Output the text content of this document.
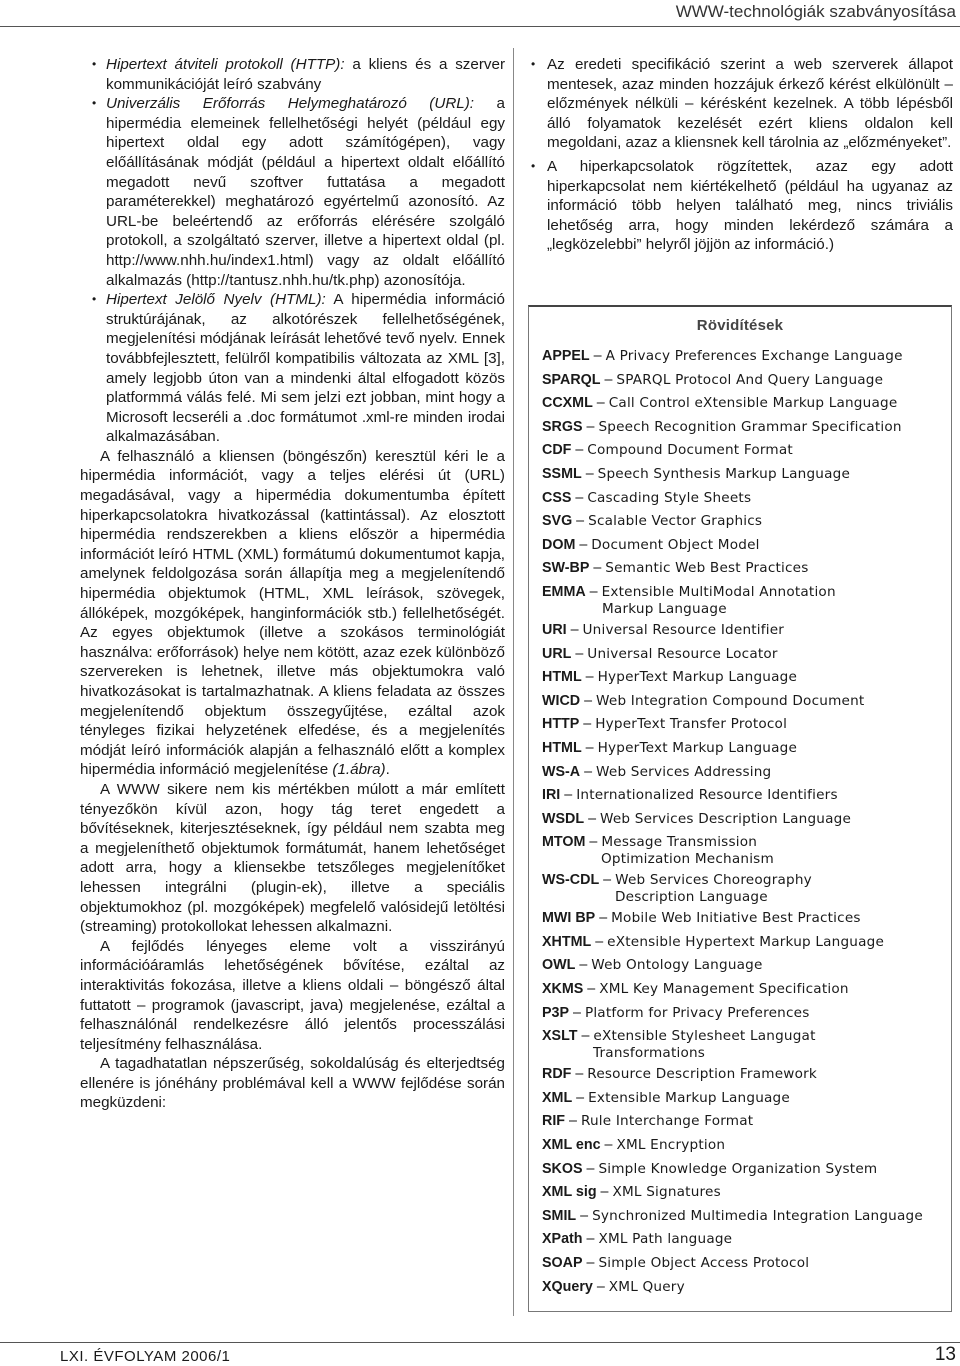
WWW-technológiák szabványosítása
• Hipertext átviteli protokoll (HTTP): a kliens és a szerver kommunikációját leíró szabvány
• Univerzális Erőforrás Helymeghatározó (URL): a hipermédia elemeinek fellelhetőségi helyét (például egy hipertext oldal egy adott számítógépen), vagy előállításának módját (például a hipertext oldalt előállító megadott nevű szoftver futtatása a megadott paraméterekkel) meghatározó egyértelmű azonosító. Az URL-be beleértendő az erőforrás elérésére szolgáló protokoll, a szolgáltató szerver, illetve a hipertext oldal (pl. http://www.nhh.hu/index1.html) vagy az oldalt előállító alkalmazás (http://tantusz.nhh.hu/tk.php) azonosítója.
• Hipertext Jelölő Nyelv (HTML): A hipermédia információ struktúrájának, az alkotórészek fellelhetőségének, megjelenítési módjának leírását lehetővé tevő nyelv. Ennek továbbfejlesztett, felülről kompatibilis változata az XML [3], amely legjobb úton van a mindenki által elfogadott közös platformmá válás felé. Mi sem jelzi ezt jobban, mint hogy a Microsoft lecseréli a .doc formátumot .xml-re minden irodai alkalmazásában.

A felhasználó a kliensen (böngészőn) keresztül kéri le a hipermédia információt, vagy a teljes elérési út (URL) megadásával, vagy a hipermédia dokumentumba épített hiperkapcsolatokra hivatkozással (kattintással). Az elosztott hipermédia rendszerekben a kliens először a hipermédia információt leíró HTML (XML) formátumú dokumentumot kapja, amelynek feldolgozása során állapítja meg a megjelenítendő hipermédia objektumok (HTML, XML leírások, szövegek, állóképek, mozgóképek, hanginformációk stb.) fellelhetőségét. Az egyes objektumok (illetve a szokásos terminológiát használva: erőforrások) helye nem kötött, azaz ezek különböző szervereken is lehetnek, illetve más objektumokra való hivatkozásokat is tartalmazhatnak. A kliens feladata az összes megjelenítendő objektum összegyűjtése, ezáltal azok tényleges fizikai helyzetének elfedése, és a megjelenítés módját leíró információk alapján a felhasználó előtt a komplex hipermédia információ megjelenítése (1.ábra).

A WWW sikere nem kis mértékben múlott a már említett tényezőkön kívül azon, hogy tág teret engedett a bővítéseknek, kiterjesztéseknek, így például nem szabta meg a megjeleníthető objektumok formátumát, hanem lehetőséget adott arra, hogy a kliensekbe tetszőleges megjelenítőket lehessen integrálni (plugin-ek), illetve a speciális objektumokhoz (pl. mozgóképek) megfelelő valósidejű letöltési (streaming) protokollokat lehessen alkalmazni.

A fejlődés lényeges eleme volt a visszirányú információáramlás lehetőségének bővítése, ezáltal az interaktivitás fokozása, illetve a kliens oldali – böngésző által futtatott – programok (javascript, java) megjelenése, ezáltal a felhasználónál rendelkezésre álló jelentős processzálási teljesítmény felhasználása.

A tagadhatatlan népszerűség, sokoldalúság és elterjedtség ellenére is jónéhány problémával kell a WWW fejlődése során megküzdeni:

• Az eredeti specifikáció szerint a web szerverek állapot mentesek, azaz minden hozzájuk érkező kérést elkülönült – előzmények nélküli – kérésként kezelnek. A több lépésből álló folyamatok kezelését ezért kliens oldalon kell megoldani, azaz a kliensnek kell tárolnia az „előzményeket”.
• A hiperkapcsolatok rögzítettek, azaz egy adott hiperkapcsolat nem kiértékelhető (például ha ugyanaz az információ több helyen található meg, nincs triviális lehetőség arra, hogy minden lekérdező számára a „legközelebbi” helyről jöjjön az információ.)
Rövidítések
APPEL – A Privacy Preferences Exchange Language
SPARQL – SPARQL Protocol And Query Language
CCXML – Call Control eXtensible Markup Language
SRGS – Speech Recognition Grammar Specification
CDF – Compound Document Format
SSML – Speech Synthesis Markup Language
CSS – Cascading Style Sheets
SVG – Scalable Vector Graphics
DOM – Document Object Model
SW-BP – Semantic Web Best Practices
EMMA – Extensible MultiModal Annotation
Markup Language
URI – Universal Resource Identifier
URL – Universal Resource Locator
HTML – HyperText Markup Language
WICD – Web Integration Compound Document
HTTP – HyperText Transfer Protocol
HTML – HyperText Markup Language
WS-A – Web Services Addressing
IRI – Internationalized Resource Identifiers
WSDL – Web Services Description Language
MTOM – Message Transmission
Optimization Mechanism
WS-CDL – Web Services Choreography
Description Language
MWI BP – Mobile Web Initiative Best Practices
XHTML – eXtensible Hypertext Markup Language
OWL – Web Ontology Language
XKMS – XML Key Management Specification
P3P – Platform for Privacy Preferences
XSLT – eXtensible Stylesheet Langugat
Transformations
RDF – Resource Description Framework
XML – Extensible Markup Language
RIF – Rule Interchange Format
XML enc – XML Encryption
SKOS – Simple Knowledge Organization System
XML sig – XML Signatures
SMIL – Synchronized Multimedia Integration Language
XPath – XML Path language
SOAP – Simple Object Access Protocol
XQuery – XML Query
LXI. ÉVFOLYAM 2006/1	13
